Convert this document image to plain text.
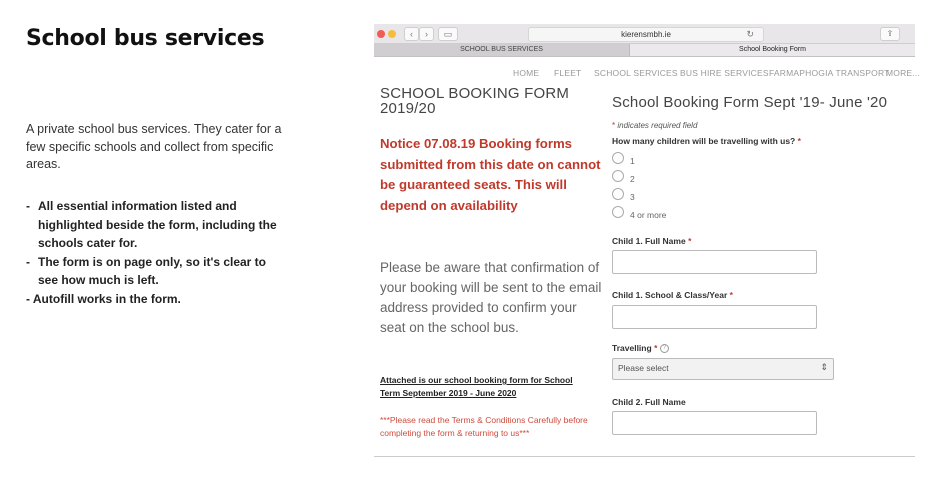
School bus services
A private school bus services. They cater for a few specific schools and collect from specific areas.
- All essential information listed and highlighted beside the form, including the schools cater for.
- The form is on page only, so it's clear to see how much is left.
- Autofill works in the form.
‹	›	▭	kierensmbh.ie	↻	⇪
SCHOOL BUS SERVICES	School Booking Form
HOME FLEET SCHOOL SERVICES BUS HIRE SERVICES FARMAPHOGIA TRANSPORT
MORE...
SCHOOL BOOKING FORM 2019/20
Notice 07.08.19 Booking forms submitted from this date on cannot be guaranteed seats. This will depend on availability
Please be aware that confirmation of your booking will be sent to the email address provided to confirm your seat on the school bus.
Attached is our school booking form for School Term September 2019 - June 2020
***Please read the Terms & Conditions Carefully before completing the form & returning to us***
School Booking Form Sept '19- June '20
* indicates required field
How many children will be travelling with us? *
1
2
3
4 or more
Child 1. Full Name *
Child 1. School & Class/Year *
Travelling * ?
Please select	⇕
Child 2. Full Name
